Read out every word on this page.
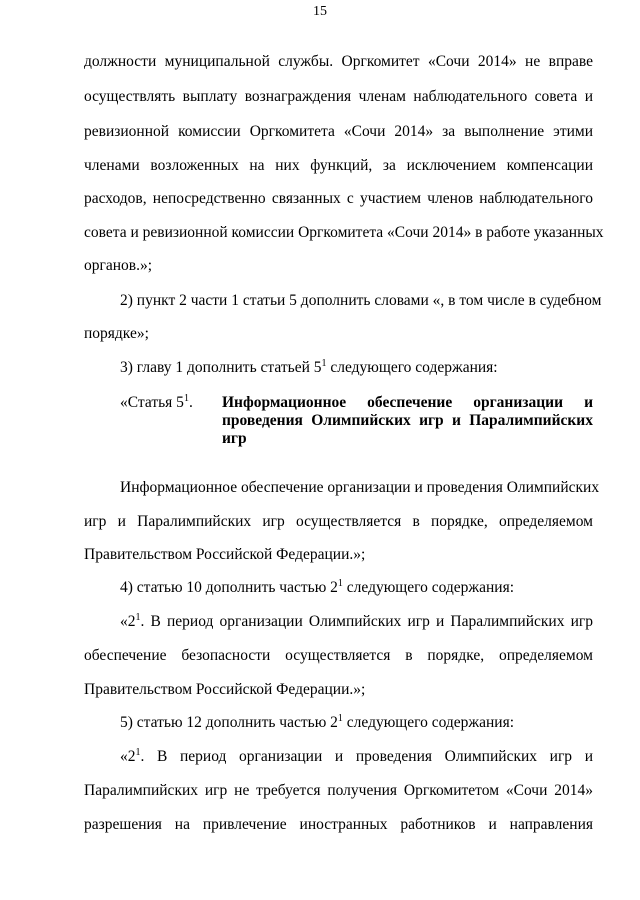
15
должности муниципальной службы. Оргкомитет «Сочи 2014» не вправе
осуществлять выплату вознаграждения членам наблюдательного совета и
ревизионной комиссии Оргкомитета «Сочи 2014» за выполнение этими
членами возложенных на них функций, за исключением компенсации
расходов, непосредственно связанных с участием членов наблюдательного
совета и ревизионной комиссии Оргкомитета «Сочи 2014» в работе указанных
органов.»;
2) пункт 2 части 1 статьи 5 дополнить словами «, в том числе в судебном
порядке»;
3) главу 1 дополнить статьей $5^1$ следующего содержания:
«Статья $5^1$. Информационное обеспечение организации и
проведения Олимпийских игр и Паралимпийских
игр
Информационное обеспечение организации и проведения Олимпийских
игр и Паралимпийских игр осуществляется в порядке, определяемом
Правительством Российской Федерации.»;
4) статью 10 дополнить частью $2^1$ следующего содержания:
«$2^1$. В период организации Олимпийских игр и Паралимпийских игр
обеспечение безопасности осуществляется в порядке, определяемом
Правительством Российской Федерации.»;
5) статью 12 дополнить частью $2^1$ следующего содержания:
«$2^1$. В период организации и проведения Олимпийских игр и
Паралимпийских игр не требуется получения Оргкомитетом «Сочи 2014»
разрешения на привлечение иностранных работников и направления
